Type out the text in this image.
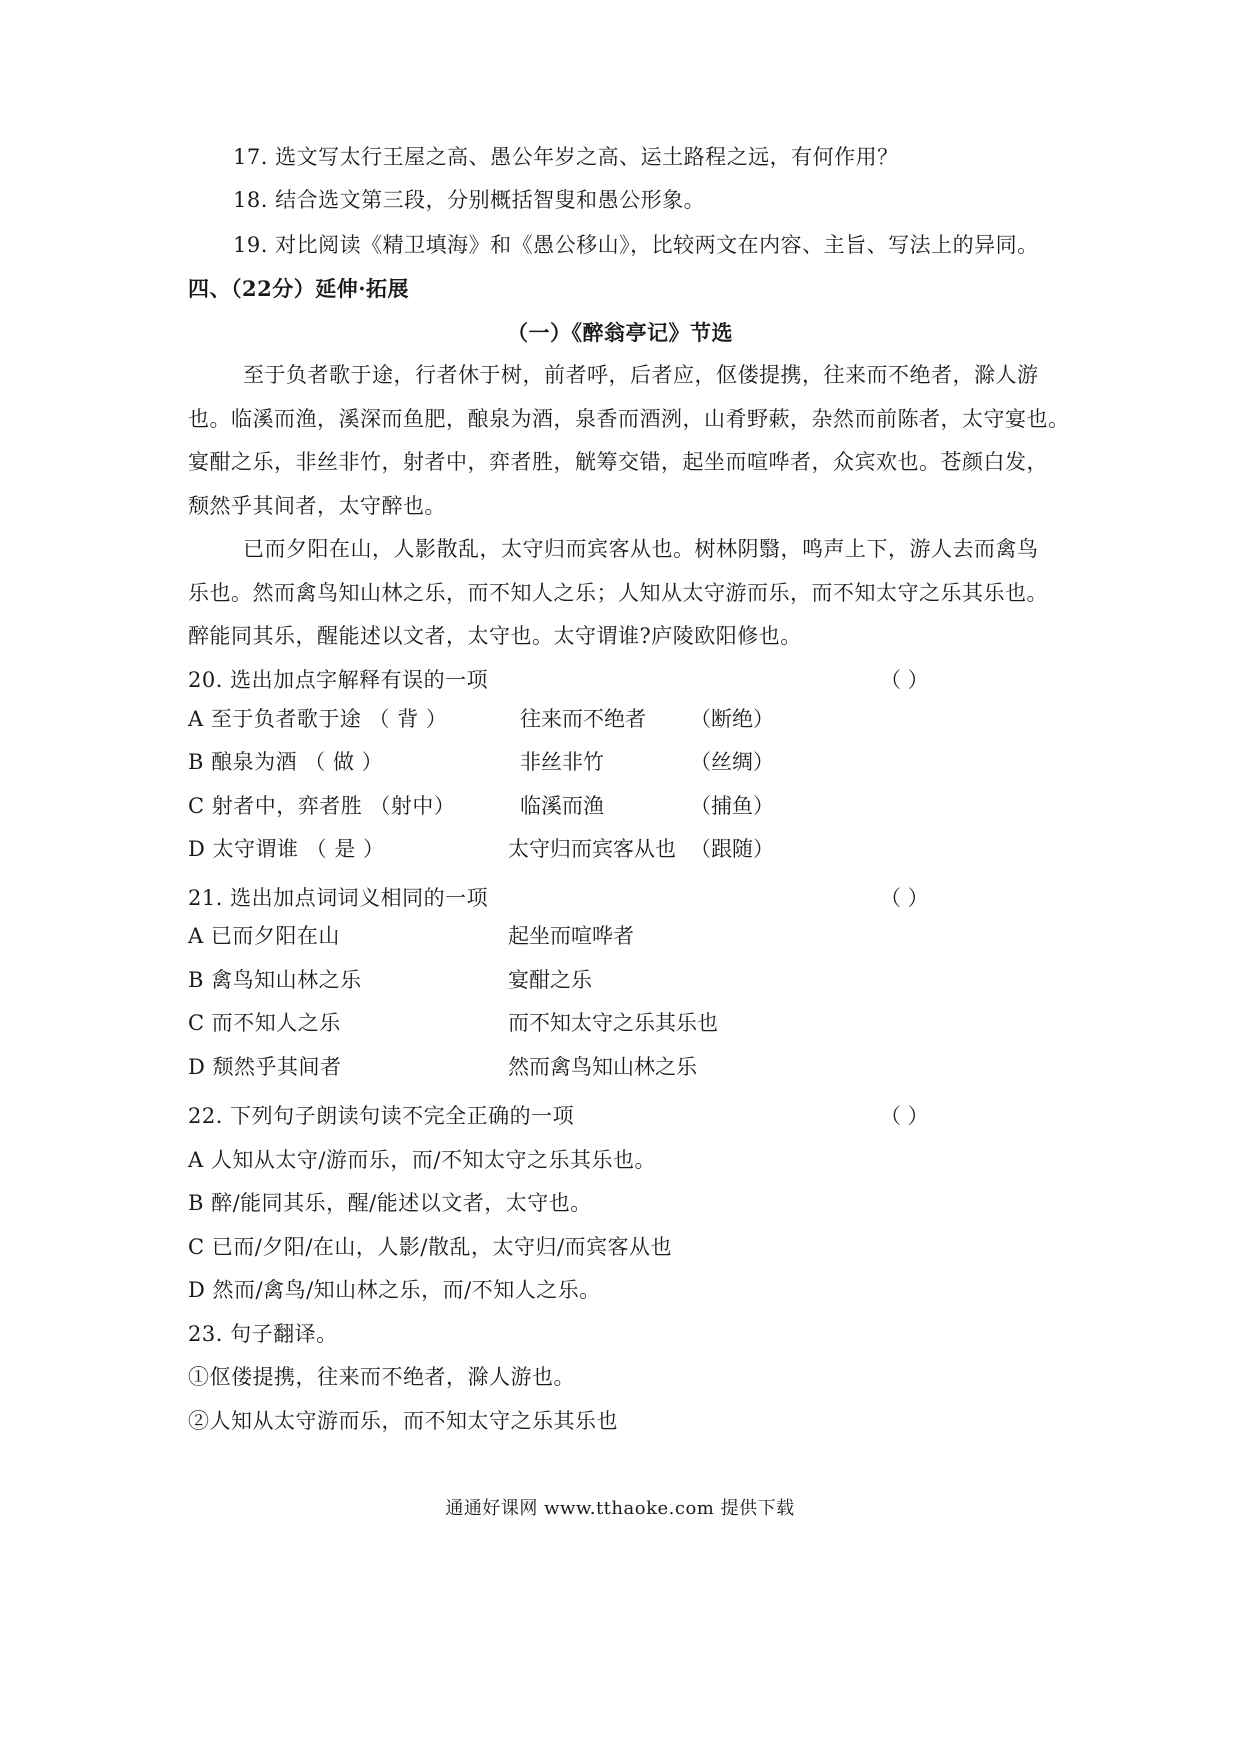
17. 选文写太行王屋之高、愚公年岁之高、运土路程之远，有何作用？
18. 结合选文第三段，分别概括智叟和愚公形象。
19. 对比阅读《精卫填海》和《愚公移山》，比较两文在内容、主旨、写法上的异同。
四、（22分）延伸·拓展
（一）《醉翁亭记》节选
至于负者歌于途，行者休于树，前者呼，后者应，伛偻提携，往来而不绝者，滁人游
也。临溪而渔，溪深而鱼肥，酿泉为酒，泉香而酒洌，山肴野蔌，杂然而前陈者，太守宴也。
宴酣之乐，非丝非竹，射者中，弈者胜，觥筹交错，起坐而喧哗者，众宾欢也。苍颜白发，
颓然乎其间者，太守醉也。
已而夕阳在山，人影散乱，太守归而宾客从也。树林阴翳，鸣声上下，游人去而禽鸟
乐也。然而禽鸟知山林之乐，而不知人之乐；人知从太守游而乐，而不知太守之乐其乐也。
醉能同其乐，醒能述以文者，太守也。太守谓谁?庐陵欧阳修也。
20. 选出加点字解释有误的一项	（ ）
A 至于负者歌于途 （ 背 ）	往来而不绝者 （断绝）
B 酿泉为酒 （ 做 ）	非丝非竹	（丝绸）
C 射者中，弈者胜 （射中）	临溪而渔	（捕鱼）
D 太守谓谁 （ 是 ）	太守归而宾客从也 （跟随）
21. 选出加点词词义相同的一项	（ ）
A 已而夕阳在山	起坐而喧哗者
B 禽鸟知山林之乐	宴酣之乐
C 而不知人之乐	而不知太守之乐其乐也
D 颓然乎其间者	然而禽鸟知山林之乐
22. 下列句子朗读句读不完全正确的一项	（ ）
A 人知从太守/游而乐，而/不知太守之乐其乐也。
B 醉/能同其乐，醒/能述以文者，太守也。
C 已而/夕阳/在山，人影/散乱，太守归/而宾客从也
D 然而/禽鸟/知山林之乐，而/不知人之乐。
23. 句子翻译。
①伛偻提携，往来而不绝者，滁人游也。
②人知从太守游而乐，而不知太守之乐其乐也
通通好课网 www.tthaoke.com 提供下载
